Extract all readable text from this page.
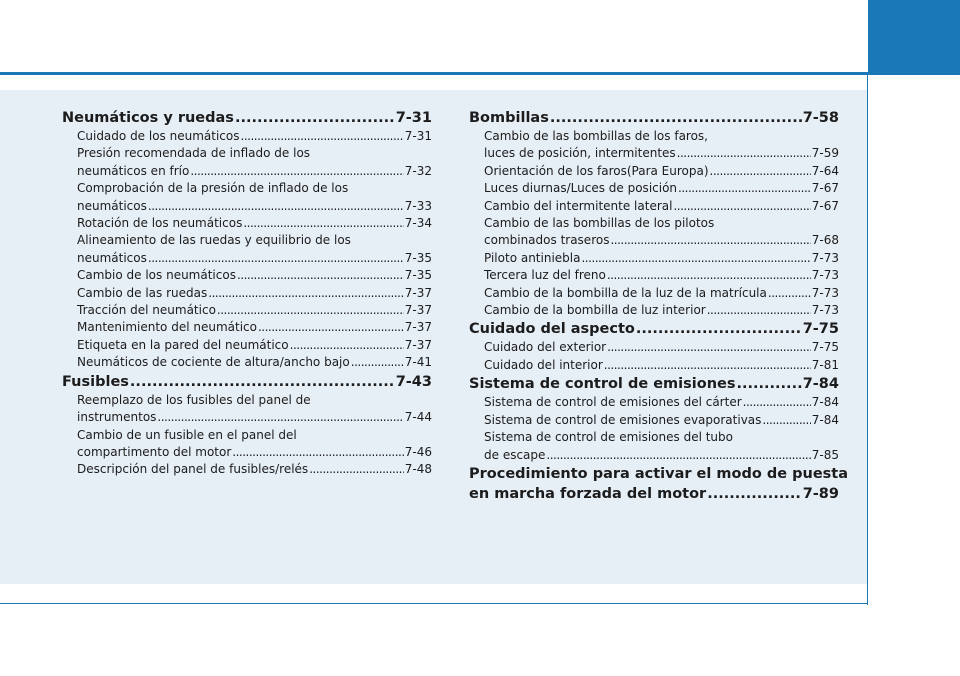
Neumáticos y ruedas .....	7-31
Cuidado de los neumáticos .....	7-31
Presión recomendada de inflado de los
neumáticos en frío .....	7-32
Comprobación de la presión de inflado de los
neumáticos .....	7-33
Rotación de los neumáticos .....	7-34
Alineamiento de las ruedas y equilibrio de los
neumáticos .....	7-35
Cambio de los neumáticos .....	7-35
Cambio de las ruedas .....	7-37
Tracción del neumático .....	7-37
Mantenimiento del neumático .....	7-37
Etiqueta en la pared del neumático .....	7-37
Neumáticos de cociente de altura/ancho bajo .....	7-41
Fusibles .....	7-43
Reemplazo de los fusibles del panel de
instrumentos .....	7-44
Cambio de un fusible en el panel del
compartimento del motor .....	7-46
Descripción del panel de fusibles/relés .....	7-48
Bombillas .....	7-58
Cambio de las bombillas de los faros,
luces de posición, intermitentes .....	7-59
Orientación de los faros(Para Europa) .....	7-64
Luces diurnas/Luces de posición .....	7-67
Cambio del intermitente lateral .....	7-67
Cambio de las bombillas de los pilotos
combinados traseros .....	7-68
Piloto antiniebla .....	7-73
Tercera luz del freno .....	7-73
Cambio de la bombilla de la luz de la matrícula .....	7-73
Cambio de la bombilla de luz interior .....	7-73
Cuidado del aspecto .....	7-75
Cuidado del exterior .....	7-75
Cuidado del interior .....	7-81
Sistema de control de emisiones .....	7-84
Sistema de control de emisiones del cárter .....	7-84
Sistema de control de emisiones evaporativas .....	7-84
Sistema de control de emisiones del tubo
de escape .....	7-85
Procedimiento para activar el modo de puesta
en marcha forzada del motor .....	7-89
